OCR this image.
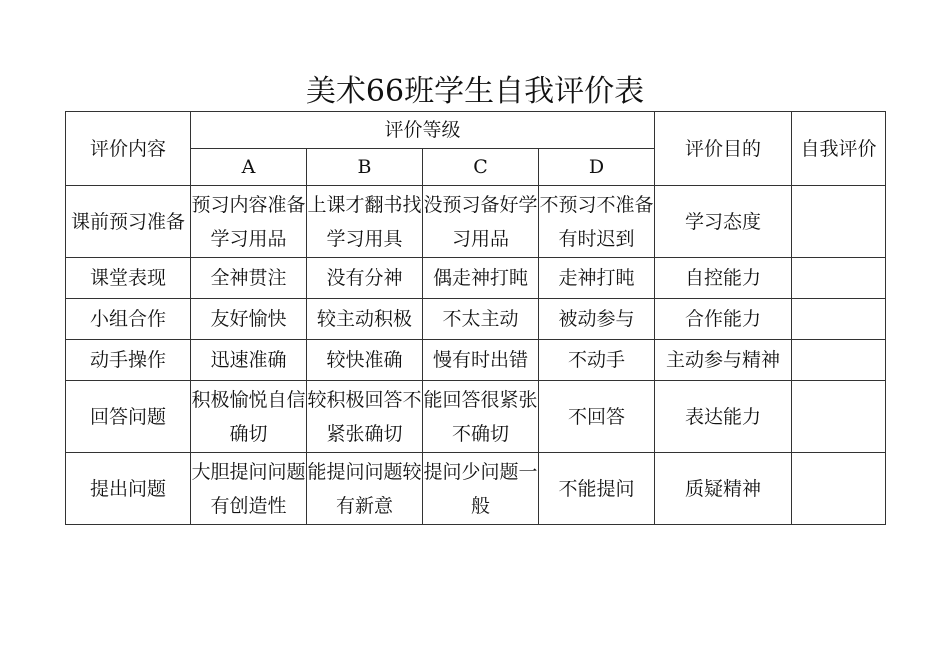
美术66班学生自我评价表
评价内容	评价等级				评价目的	自我评价
	A	B	C	D		
课前预习准备	预习内容准备学习用品	上课才翻书找学习用具	没预习备好学习用品	不预习不准备有时迟到	学习态度	
课堂表现	全神贯注	没有分神	偶走神打盹	走神打盹	自控能力	
小组合作	友好愉快	较主动积极	不太主动	被动参与	合作能力	
动手操作	迅速准确	较快准确	慢有时出错	不动手	主动参与精神	
回答问题	积极愉悦自信确切	较积极回答不紧张确切	能回答很紧张不确切	不回答	表达能力	
提出问题	大胆提问问题有创造性	能提问问题较有新意	提问少问题一般	不能提问	质疑精神	
